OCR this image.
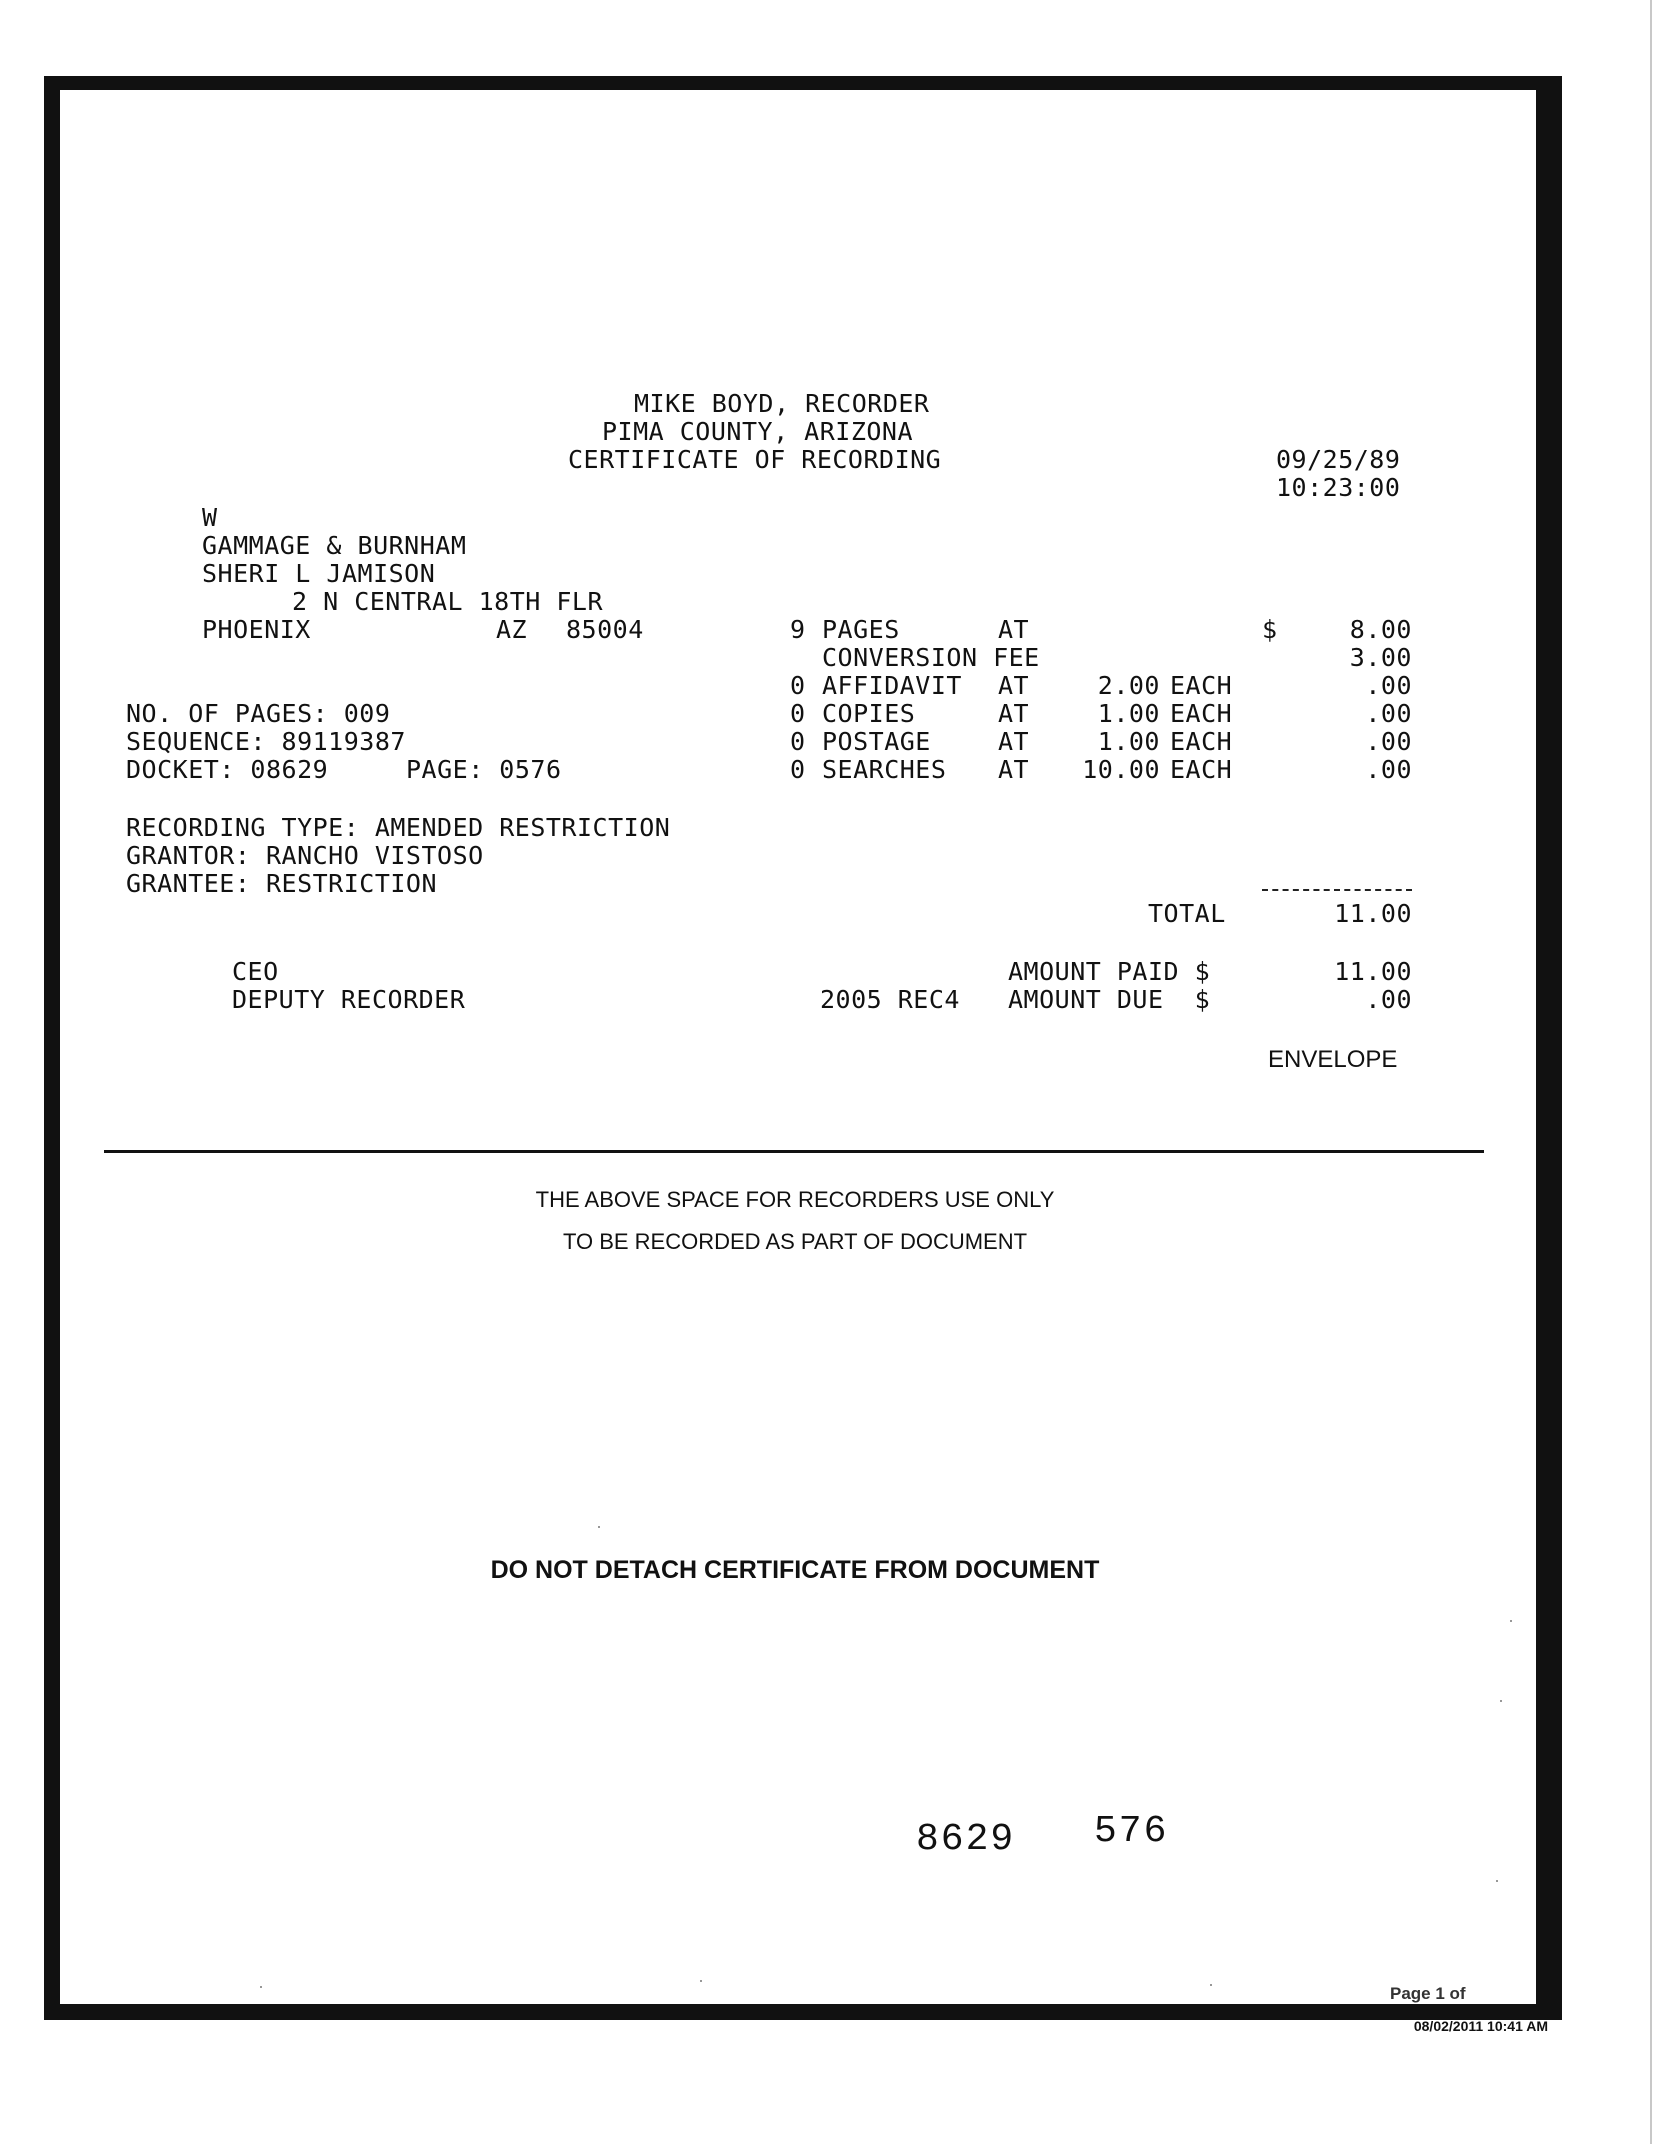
MIKE BOYD, RECORDER
PIMA COUNTY, ARIZONA
CERTIFICATE OF RECORDING	09/25/89
10:23:00
W
GAMMAGE & BURNHAM
SHERI L JAMISON
2 N CENTRAL 18TH FLR
PHOENIX	AZ 85004	9 PAGES	AT	$	8.00
CONVERSION FEE	3.00
0 AFFIDAVIT AT	2.00 EACH	.00
0 COPIES	AT	1.00 EACH	.00
0 POSTAGE	AT	1.00 EACH	.00
0 SEARCHES AT	10.00 EACH	.00
NO. OF PAGES: 009
SEQUENCE: 89119387
DOCKET: 08629	PAGE: 0576
RECORDING TYPE: AMENDED RESTRICTION
GRANTOR: RANCHO VISTOSO
GRANTEE: RESTRICTION
TOTAL	11.00
CEO
DEPUTY RECORDER
AMOUNT PAID $	11.00
2005 REC4 AMOUNT DUE  $	.00
ENVELOPE
THE ABOVE SPACE FOR RECORDERS USE ONLY
TO BE RECORDED AS PART OF DOCUMENT
DO NOT DETACH CERTIFICATE FROM DOCUMENT
8629 576
Page 1 of
08/02/2011 10:41 AM
